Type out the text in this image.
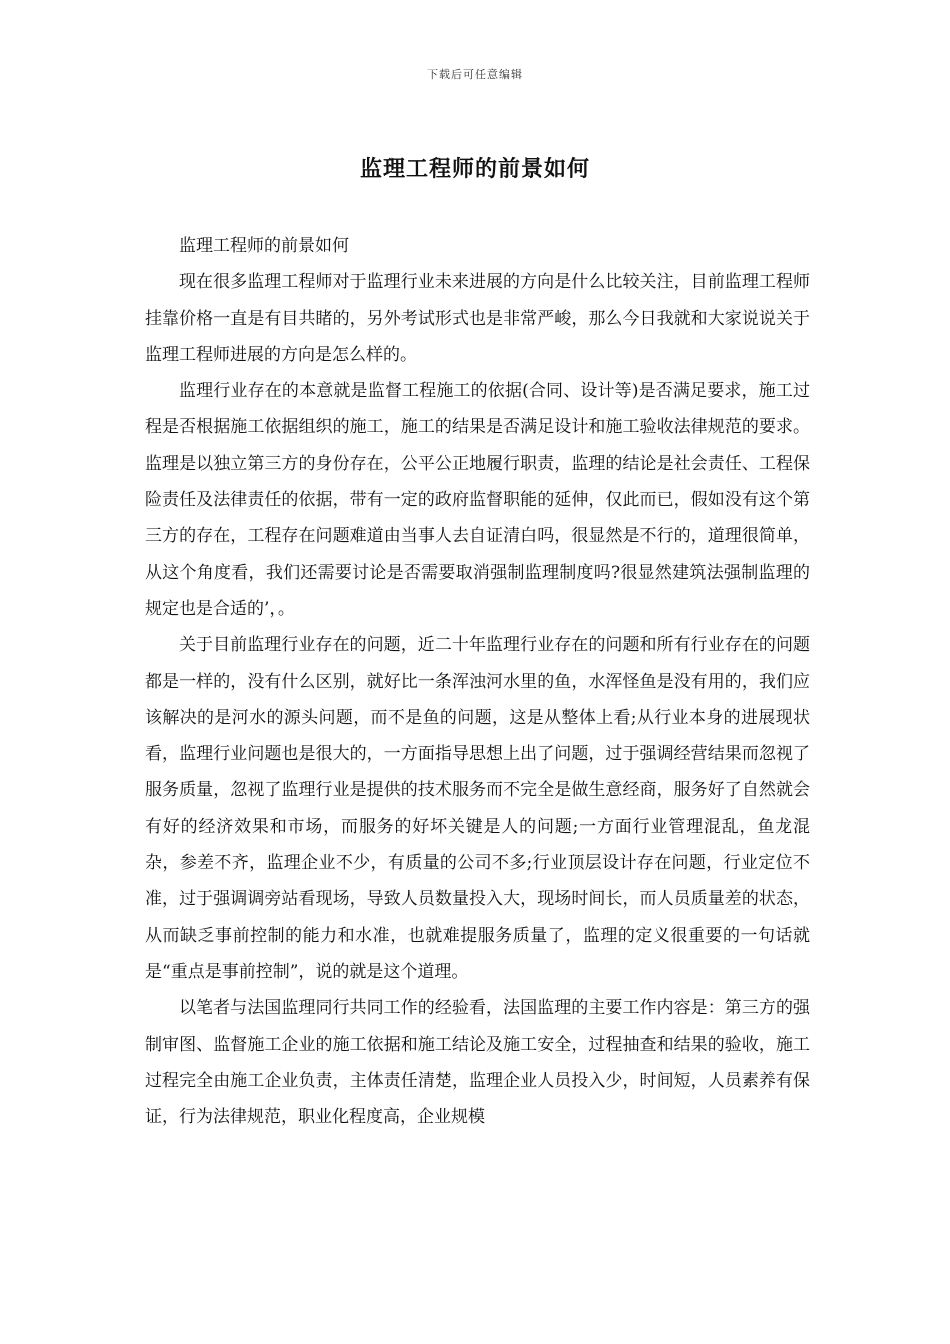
下载后可任意编辑
监理工程师的前景如何

监理工程师的前景如何

现在很多监理工程师对于监理行业未来进展的方向是什么比较关注，目前监理工程师挂靠价格一直是有目共睹的，另外考试形式也是非常严峻，那么今日我就和大家说说关于监理工程师进展的方向是怎么样的。

监理行业存在的本意就是监督工程施工的依据(合同、设计等)是否满足要求，施工过程是否根据施工依据组织的施工，施工的结果是否满足设计和施工验收法律规范的要求。监理是以独立第三方的身份存在，公平公正地履行职责，监理的结论是社会责任、工程保险责任及法律责任的依据，带有一定的政府监督职能的延伸，仅此而已，假如没有这个第三方的存在，工程存在问题难道由当事人去自证清白吗，很显然是不行的，道理很简单，从这个角度看，我们还需要讨论是否需要取消强制监理制度吗?很显然建筑法强制监理的规定也是合适的’，。

关于目前监理行业存在的问题，近二十年监理行业存在的问题和所有行业存在的问题都是一样的，没有什么区别，就好比一条浑浊河水里的鱼，水浑怪鱼是没有用的，我们应该解决的是河水的源头问题，而不是鱼的问题，这是从整体上看;从行业本身的进展现状看，监理行业问题也是很大的，一方面指导思想上出了问题，过于强调经营结果而忽视了服务质量，忽视了监理行业是提供的技术服务而不完全是做生意经商，服务好了自然就会有好的经济效果和市场，而服务的好坏关键是人的问题;一方面行业管理混乱，鱼龙混杂，参差不齐，监理企业不少，有质量的公司不多;行业顶层设计存在问题，行业定位不准，过于强调调旁站看现场，导致人员数量投入大，现场时间长，而人员质量差的状态，从而缺乏事前控制的能力和水准，也就难提服务质量了，监理的定义很重要的一句话就是“重点是事前控制”，说的就是这个道理。

以笔者与法国监理同行共同工作的经验看，法国监理的主要工作内容是：第三方的强制审图、监督施工企业的施工依据和施工结论及施工安全，过程抽查和结果的验收，施工过程完全由施工企业负责，主体责任清楚，监理企业人员投入少，时间短，人员素养有保证，行为法律规范，职业化程度高，企业规模
